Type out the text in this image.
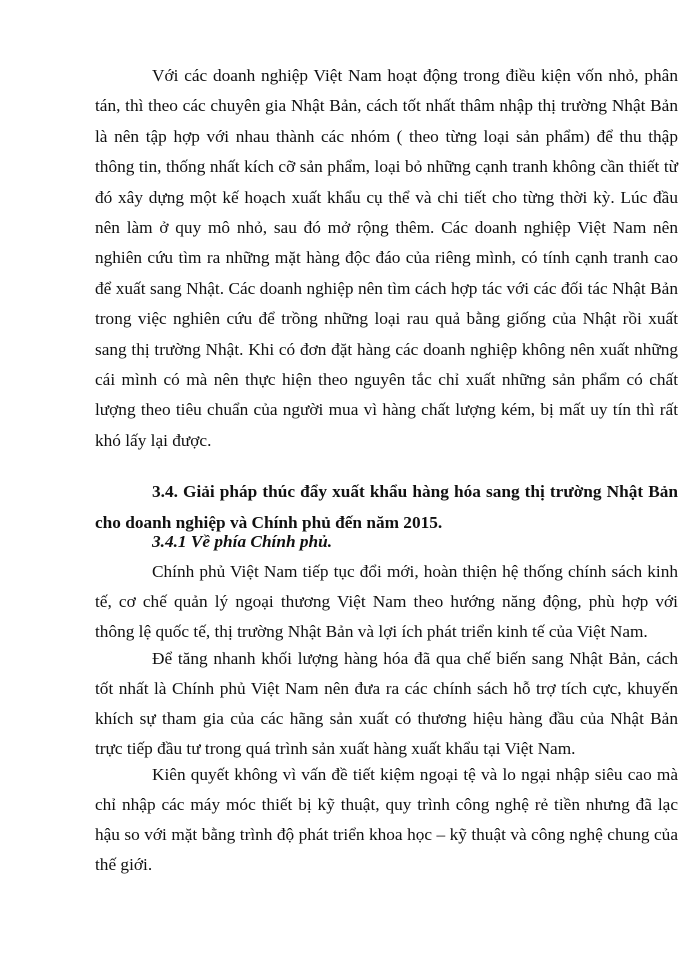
Với các doanh nghiệp Việt Nam hoạt động trong điều kiện vốn nhỏ, phân tán, thì theo các chuyên gia Nhật Bản, cách tốt nhất thâm nhập thị trường Nhật Bản là nên tập hợp với nhau thành các nhóm ( theo từng loại sản phẩm) để thu thập thông tin, thống nhất kích cỡ sản phẩm, loại bỏ những cạnh tranh không cần thiết từ đó xây dựng một kế hoạch xuất khẩu cụ thể và chi tiết cho từng thời kỳ. Lúc đầu nên làm ở quy mô nhỏ, sau đó mở rộng thêm. Các doanh nghiệp Việt Nam nên nghiên cứu tìm ra những mặt hàng độc đáo của riêng mình, có tính cạnh tranh cao để xuất sang Nhật. Các doanh nghiệp nên tìm cách hợp tác với các đối tác Nhật Bản trong việc nghiên cứu để trồng những loại rau quả bằng giống của Nhật rồi xuất sang thị trường Nhật. Khi có đơn đặt hàng các doanh nghiệp không nên xuất những cái mình có mà nên thực hiện theo nguyên tắc chỉ xuất những sản phẩm có chất lượng theo tiêu chuẩn của người mua vì hàng chất lượng kém, bị mất uy tín thì rất khó lấy lại được.

3.4. Giải pháp thúc đẩy xuất khẩu hàng hóa sang thị trường Nhật Bản cho doanh nghiệp và Chính phủ đến năm 2015.

3.4.1 Về phía Chính phủ.

Chính phủ Việt Nam tiếp tục đổi mới, hoàn thiện hệ thống chính sách kinh tế, cơ chế quản lý ngoại thương Việt Nam theo hướng năng động, phù hợp với thông lệ quốc tế, thị trường Nhật Bản và lợi ích phát triển kinh tế của Việt Nam.

Để tăng nhanh khối lượng hàng hóa đã qua chế biến sang Nhật Bản, cách tốt nhất là Chính phủ Việt Nam nên đưa ra các chính sách hỗ trợ tích cực, khuyến khích sự tham gia của các hãng sản xuất có thương hiệu hàng đầu của Nhật Bản trực tiếp đầu tư trong quá trình sản xuất hàng xuất khẩu tại Việt Nam.

Kiên quyết không vì vấn đề tiết kiệm ngoại tệ và lo ngại nhập siêu cao mà chỉ nhập các máy móc thiết bị kỹ thuật, quy trình công nghệ rẻ tiền nhưng đã lạc hậu so với mặt bằng trình độ phát triển khoa học – kỹ thuật và công nghệ chung của thế giới.
